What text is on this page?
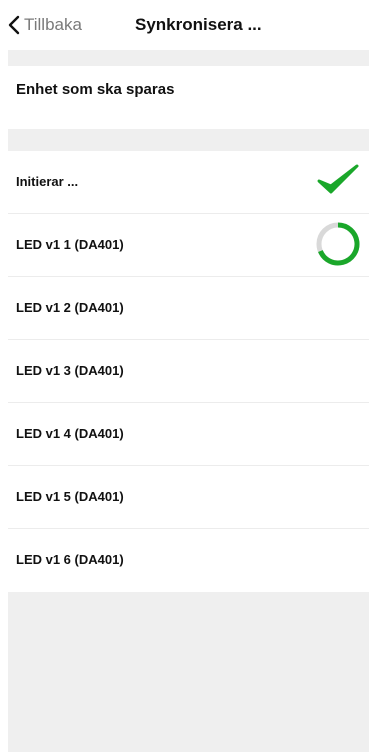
Tillbaka	Synkronisera ...
Enhet som ska sparas
Initierar ...
LED v1 1 (DA401)
LED v1 2 (DA401)
LED v1 3 (DA401)
LED v1 4 (DA401)
LED v1 5 (DA401)
LED v1 6 (DA401)
